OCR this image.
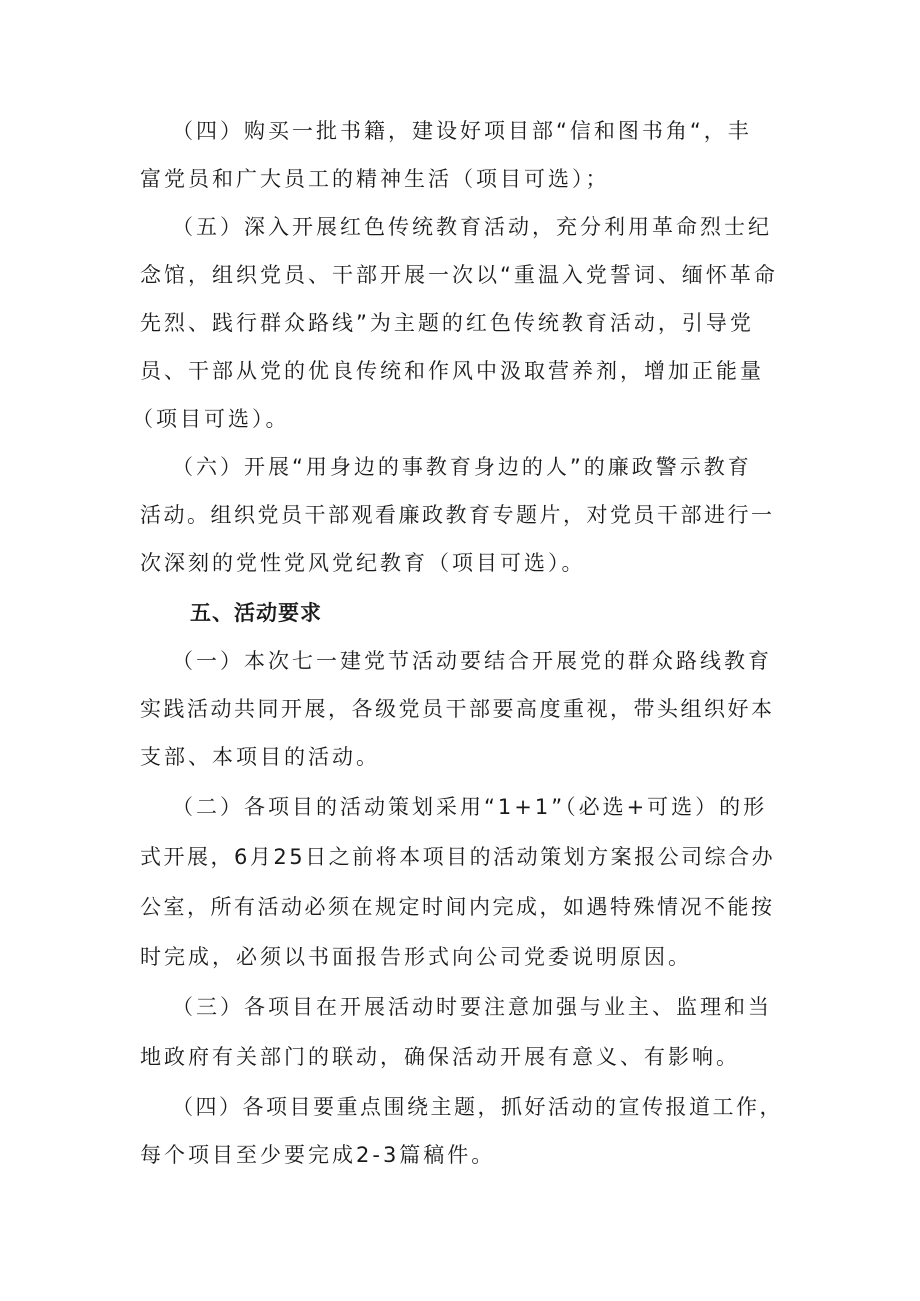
（四）购买一批书籍，建设好项目部“信和图书角“，丰
富党员和广大员工的精神生活（项目可选）；
（五）深入开展红色传统教育活动，充分利用革命烈士纪
念馆，组织党员、干部开展一次以“重温入党誓词、缅怀革命
先烈、践行群众路线”为主题的红色传统教育活动，引导党
员、干部从党的优良传统和作风中汲取营养剂，增加正能量
（项目可选）。
（六）开展“用身边的事教育身边的人”的廉政警示教育
活动。组织党员干部观看廉政教育专题片，对党员干部进行一
次深刻的党性党风党纪教育（项目可选）。
五、活动要求
（一）本次七一建党节活动要结合开展党的群众路线教育
实践活动共同开展，各级党员干部要高度重视，带头组织好本
支部、本项目的活动。
（二）各项目的活动策划采用“1+1”（必选+可选）的形
式开展，6月25日之前将本项目的活动策划方案报公司综合办
公室，所有活动必须在规定时间内完成，如遇特殊情况不能按
时完成，必须以书面报告形式向公司党委说明原因。
（三）各项目在开展活动时要注意加强与业主、监理和当
地政府有关部门的联动，确保活动开展有意义、有影响。
（四）各项目要重点围绕主题，抓好活动的宣传报道工作，
每个项目至少要完成2-3篇稿件。
